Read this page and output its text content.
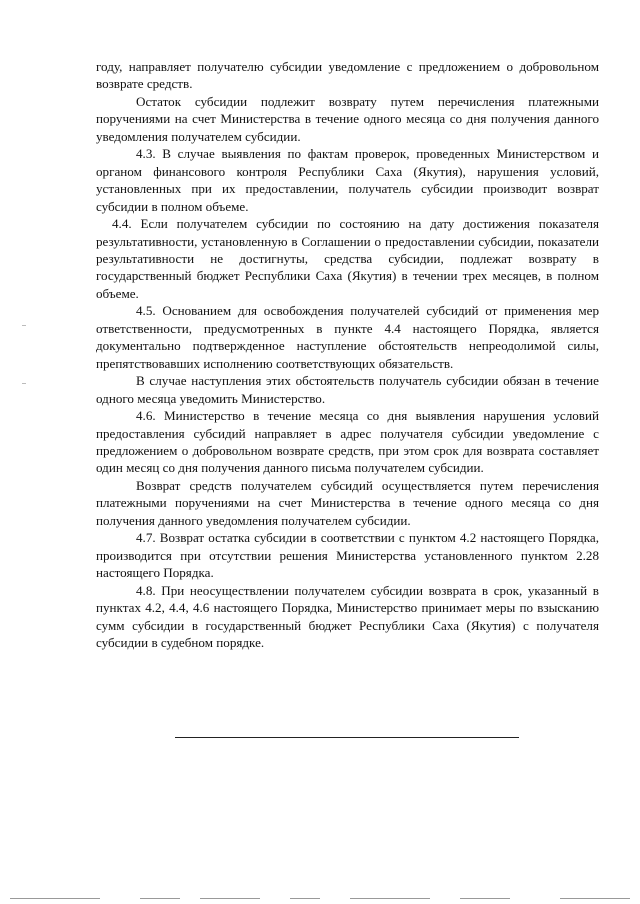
году, направляет получателю субсидии уведомление с предложением о добровольном возврате средств.

Остаток субсидии подлежит возврату путем перечисления платежными поручениями на счет Министерства в течение одного месяца со дня получения данного уведомления получателем субсидии.

4.3. В случае выявления по фактам проверок, проведенных Министерством и органом финансового контроля Республики Саха (Якутия), нарушения условий, установленных при их предоставлении, получатель субсидии производит возврат субсидии в полном объеме.

4.4. Если получателем субсидии по состоянию на дату достижения показателя результативности, установленную в Соглашении о предоставлении субсидии, показатели результативности не достигнуты, средства субсидии, подлежат возврату в государственный бюджет Республики Саха (Якутия) в течении трех месяцев, в полном объеме.

4.5. Основанием для освобождения получателей субсидий от применения мер ответственности, предусмотренных в пункте 4.4 настоящего Порядка, является документально подтвержденное наступление обстоятельств непреодолимой силы, препятствовавших исполнению соответствующих обязательств.

В случае наступления этих обстоятельств получатель субсидии обязан в течение одного месяца уведомить Министерство.

4.6. Министерство в течение месяца со дня выявления нарушения условий предоставления субсидий направляет в адрес получателя субсидии уведомление с предложением о добровольном возврате средств, при этом срок для возврата составляет один месяц со дня получения данного письма получателем субсидии.

Возврат средств получателем субсидий осуществляется путем перечисления платежными поручениями на счет Министерства в течение одного месяца со дня получения данного уведомления получателем субсидии.

4.7. Возврат остатка субсидии в соответствии с пунктом 4.2 настоящего Порядка, производится при отсутствии решения Министерства установленного пунктом 2.28 настоящего Порядка.

4.8. При неосуществлении получателем субсидии возврата в срок, указанный в пунктах 4.2, 4.4, 4.6 настоящего Порядка, Министерство принимает меры по взысканию сумм субсидии в государственный бюджет Республики Саха (Якутия) с получателя субсидии в судебном порядке.
